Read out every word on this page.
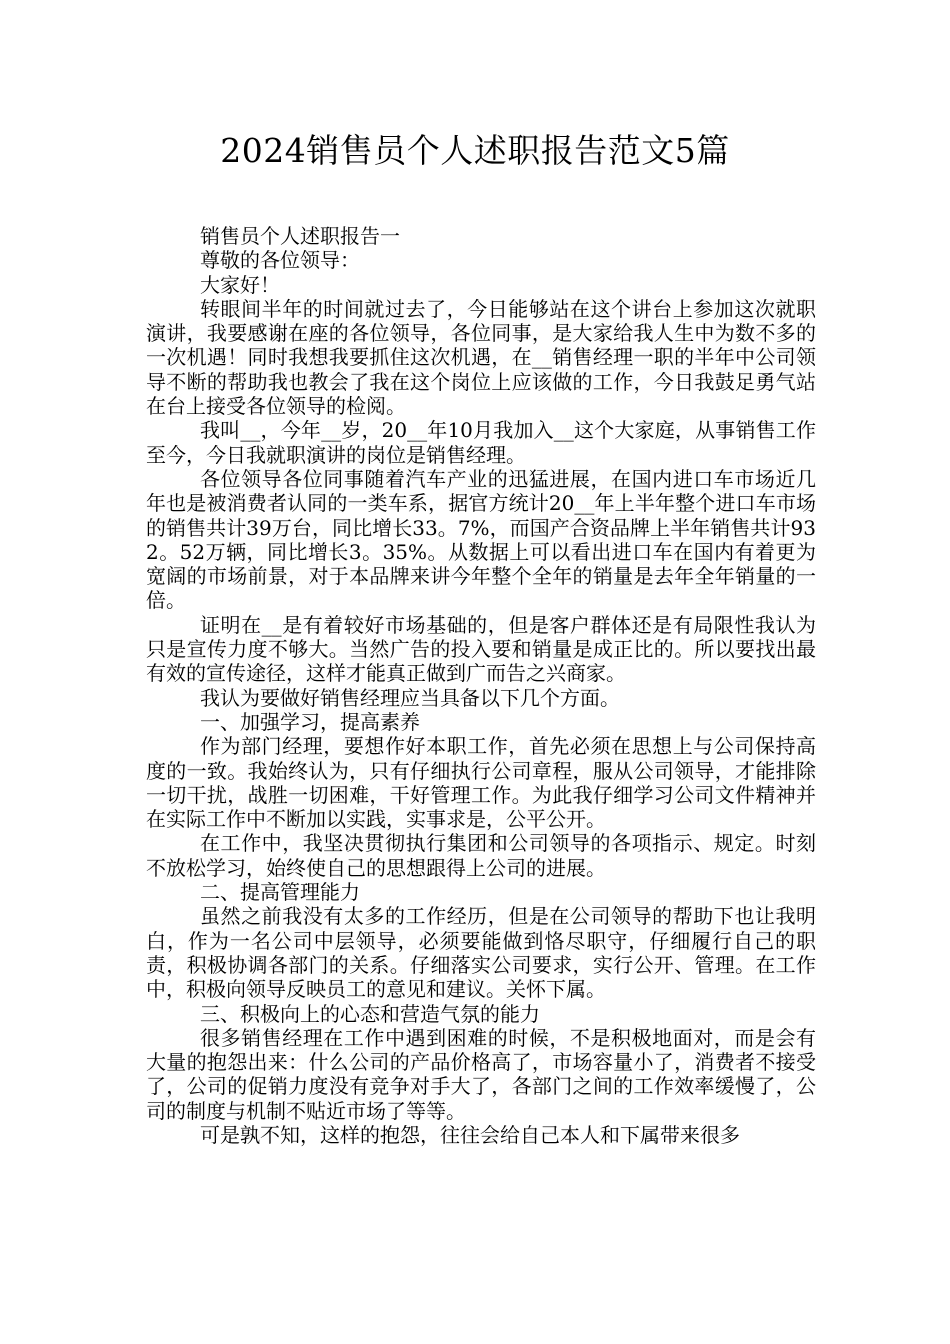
2024销售员个人述职报告范文5篇

销售员个人述职报告一

尊敬的各位领导：

大家好！

转眼间半年的时间就过去了，今日能够站在这个讲台上参加这次就职演讲，我要感谢在座的各位领导，各位同事，是大家给我人生中为数不多的一次机遇！同时我想我要抓住这次机遇，在__销售经理一职的半年中公司领导不断的帮助我也教会了我在这个岗位上应该做的工作，今日我鼓足勇气站在台上接受各位领导的检阅。

我叫__，今年__岁，20__年10月我加入__这个大家庭，从事销售工作至今，今日我就职演讲的岗位是销售经理。

各位领导各位同事随着汽车产业的迅猛进展，在国内进口车市场近几年也是被消费者认同的一类车系，据官方统计20__年上半年整个进口车市场的销售共计39万台，同比增长33。7%，而国产合资品牌上半年销售共计932。52万辆，同比增长3。35%。从数据上可以看出进口车在国内有着更为宽阔的市场前景，对于本品牌来讲今年整个全年的销量是去年全年销量的一倍。

证明在__是有着较好市场基础的，但是客户群体还是有局限性我认为只是宣传力度不够大。当然广告的投入要和销量是成正比的。所以要找出最有效的宣传途径，这样才能真正做到广而告之兴商家。

我认为要做好销售经理应当具备以下几个方面。

一、加强学习，提高素养

作为部门经理，要想作好本职工作，首先必须在思想上与公司保持高度的一致。我始终认为，只有仔细执行公司章程，服从公司领导，才能排除一切干扰，战胜一切困难，干好管理工作。为此我仔细学习公司文件精神并在实际工作中不断加以实践，实事求是，公平公开。

在工作中，我坚决贯彻执行集团和公司领导的各项指示、规定。时刻不放松学习，始终使自己的思想跟得上公司的进展。

二、提高管理能力

虽然之前我没有太多的工作经历，但是在公司领导的帮助下也让我明白，作为一名公司中层领导，必须要能做到恪尽职守，仔细履行自己的职责，积极协调各部门的关系。仔细落实公司要求，实行公开、管理。在工作中，积极向领导反映员工的意见和建议。关怀下属。

三、积极向上的心态和营造气氛的能力

很多销售经理在工作中遇到困难的时候，不是积极地面对，而是会有大量的抱怨出来：什么公司的产品价格高了，市场容量小了，消费者不接受了，公司的促销力度没有竞争对手大了，各部门之间的工作效率缓慢了，公司的制度与机制不贴近市场了等等。

可是孰不知，这样的抱怨，往往会给自己本人和下属带来很多
